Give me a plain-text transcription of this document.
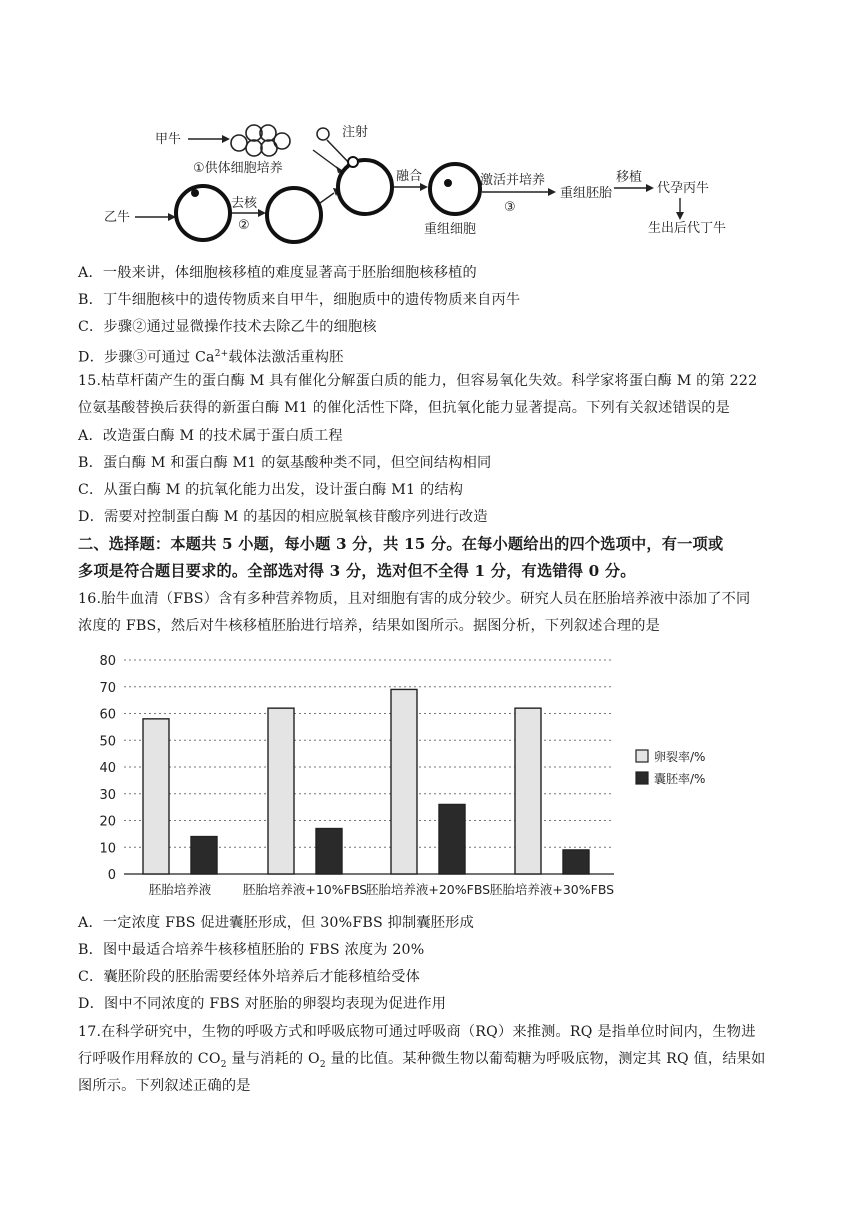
甲牛
①供体细胞培养
乙牛
去核
②
注射
融合
重组细胞
激活并培养
③
重组胚胎
移植
代孕丙牛
生出后代丁牛
A．一般来讲，体细胞核移植的难度显著高于胚胎细胞核移植的
B．丁牛细胞核中的遗传物质来自甲牛，细胞质中的遗传物质来自丙牛
C．步骤②通过显微操作技术去除乙牛的细胞核
D．步骤③可通过 $Ca^{2+}$载体法激活重构胚
15.枯草杆菌产生的蛋白酶 M 具有催化分解蛋白质的能力，但容易氧化失效。科学家将蛋白酶 M 的第 222
位氨基酸替换后获得的新蛋白酶 M1 的催化活性下降，但抗氧化能力显著提高。下列有关叙述错误的是
A．改造蛋白酶 M 的技术属于蛋白质工程
B．蛋白酶 M 和蛋白酶 M1 的氨基酸种类不同，但空间结构相同
C．从蛋白酶 M 的抗氧化能力出发，设计蛋白酶 M1 的结构
D．需要对控制蛋白酶 M 的基因的相应脱氧核苷酸序列进行改造
二、选择题：本题共 5 小题，每小题 3 分，共 15 分。在每小题给出的四个选项中，有一项或
多项是符合题目要求的。全部选对得 3 分，选对但不全得 1 分，有选错得 0 分。
16.胎牛血清（FBS）含有多种营养物质，且对细胞有害的成分较少。研究人员在胚胎培养液中添加了不同
浓度的 FBS，然后对牛核移植胚胎进行培养，结果如图所示。据图分析，下列叙述合理的是
0
10
20
30
40
50
60
70
80
胚胎培养液	胚胎培养液+10%FBS
胚胎培养液+20%FBS 胚胎培养液+30%FBS
卵裂率/%
囊胚率/%
A．一定浓度 FBS 促进囊胚形成，但 30%FBS 抑制囊胚形成
B．图中最适合培养牛核移植胚胎的 FBS 浓度为 20%
C．囊胚阶段的胚胎需要经体外培养后才能移植给受体
D．图中不同浓度的 FBS 对胚胎的卵裂均表现为促进作用
17.在科学研究中，生物的呼吸方式和呼吸底物可通过呼吸商（RQ）来推测。RQ 是指单位时间内，生物进
行呼吸作用释放的 $CO_2$ 量与消耗的 $O_2$ 量的比值。某种微生物以葡萄糖为呼吸底物，测定其 RQ 值，结果如
图所示。下列叙述正确的是
